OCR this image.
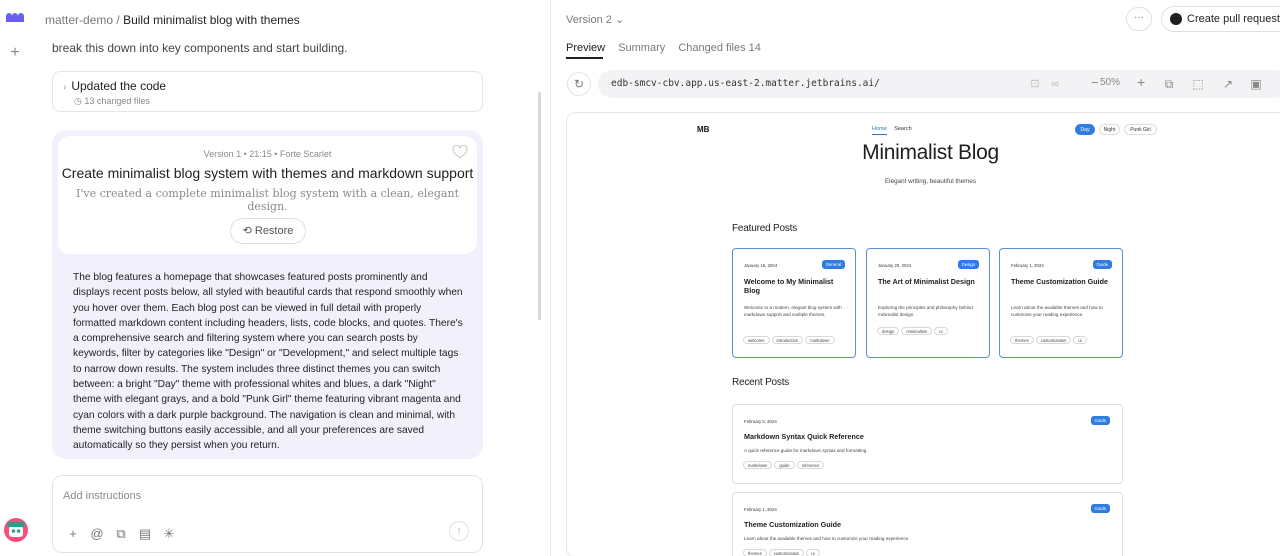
+
matter-demo / Build minimalist blog with themes
break this down into key components and start building.
› Updated the code
◷ 13 changed files
Version 1 • 21:15 • Forte Scarlet
Create minimalist blog system with themes and markdown support
I've created a complete minimalist blog system with a clean, elegant design.
⟲ Restore
The blog features a homepage that showcases featured posts prominently and displays recent posts below, all styled with beautiful cards that respond smoothly when you hover over them. Each blog post can be viewed in full detail with properly formatted markdown content including headers, lists, code blocks, and quotes. There's a comprehensive search and filtering system where you can search posts by keywords, filter by categories like "Design" or "Development," and select multiple tags to narrow down results. The system includes three distinct themes you can switch between: a bright "Day" theme with professional whites and blues, a dark "Night" theme with elegant grays, and a bold "Punk Girl" theme featuring vibrant magenta and cyan colors with a dark purple background. The navigation is clean and minimal, with theme switching buttons easily accessible, and all your preferences are saved automatically so they persist when you return.
Add instructions
+	@ ⧉ ▤ ✳	↑
Version 2 ⌄	···	Create pull request
Preview Summary Changed files 14
↻	edb-smcv-cbv.app.us-east-2.matter.jetbrains.ai/	⊡ ∞ − 50% +	⧉	⬚ ↗ ▣
MB	Home Search	Day	Night	Punk Girl
Minimalist Blog
Elegant writing, beautiful themes
Featured Posts
January 15, 2024	General
Welcome to My Minimalist Blog
Welcome to a modern, elegant blog system with markdown support and multiple themes.
welcome	introduction	markdown
January 20, 2024	Design
The Art of Minimalist Design
Exploring the principles and philosophy behind minimalist design.
design	minimalism	ui
February 1, 2024	Guide
Theme Customization Guide
Learn about the available themes and how to customize your reading experience.
themes	customization	ui
Recent Posts
February 5, 2024	Guide
Markdown Syntax Quick Reference
A quick reference guide for markdown syntax and formatting.
markdown	guide	reference
February 1, 2024	Guide
Theme Customization Guide
Learn about the available themes and how to customize your reading experience.
themes	customization	ui
